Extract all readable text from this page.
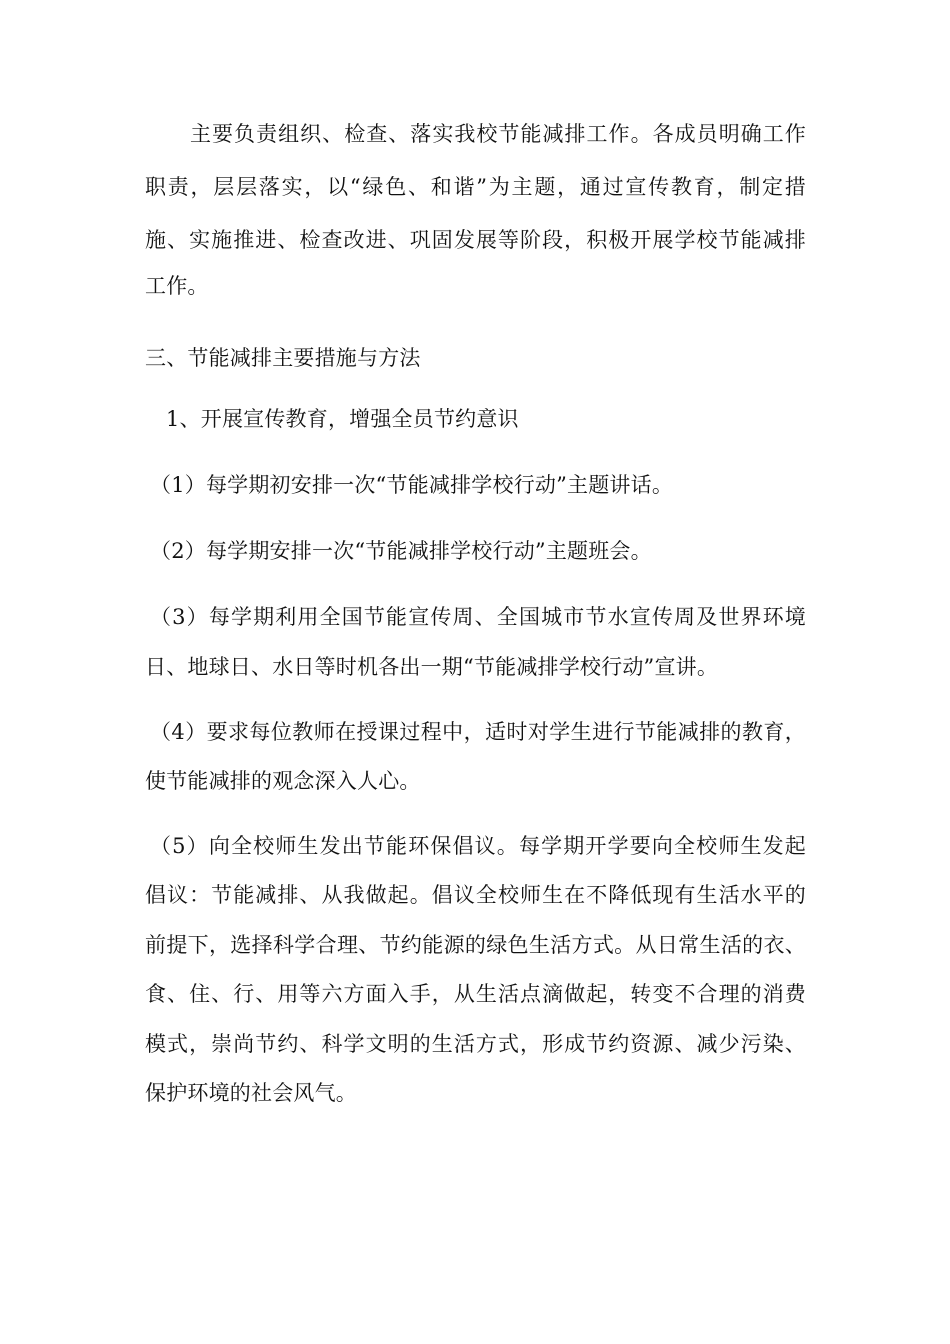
主要负责组织、检查、落实我校节能减排工作。各成员明确工作

职责，层层落实，以“绿色、和谐”为主题，通过宣传教育，制定措

施、实施推进、检查改进、巩固发展等阶段，积极开展学校节能减排

工作。

三、节能减排主要措施与方法

1、开展宣传教育，增强全员节约意识

（1）每学期初安排一次“节能减排学校行动”主题讲话。

（2）每学期安排一次“节能减排学校行动”主题班会。

（3）每学期利用全国节能宣传周、全国城市节水宣传周及世界环境

日、地球日、水日等时机各出一期“节能减排学校行动”宣讲。

（4）要求每位教师在授课过程中，适时对学生进行节能减排的教育，

使节能减排的观念深入人心。

（5）向全校师生发出节能环保倡议。每学期开学要向全校师生发起

倡议：节能减排、从我做起。倡议全校师生在不降低现有生活水平的

前提下，选择科学合理、节约能源的绿色生活方式。从日常生活的衣、

食、住、行、用等六方面入手，从生活点滴做起，转变不合理的消费

模式，崇尚节约、科学文明的生活方式，形成节约资源、减少污染、

保护环境的社会风气。
